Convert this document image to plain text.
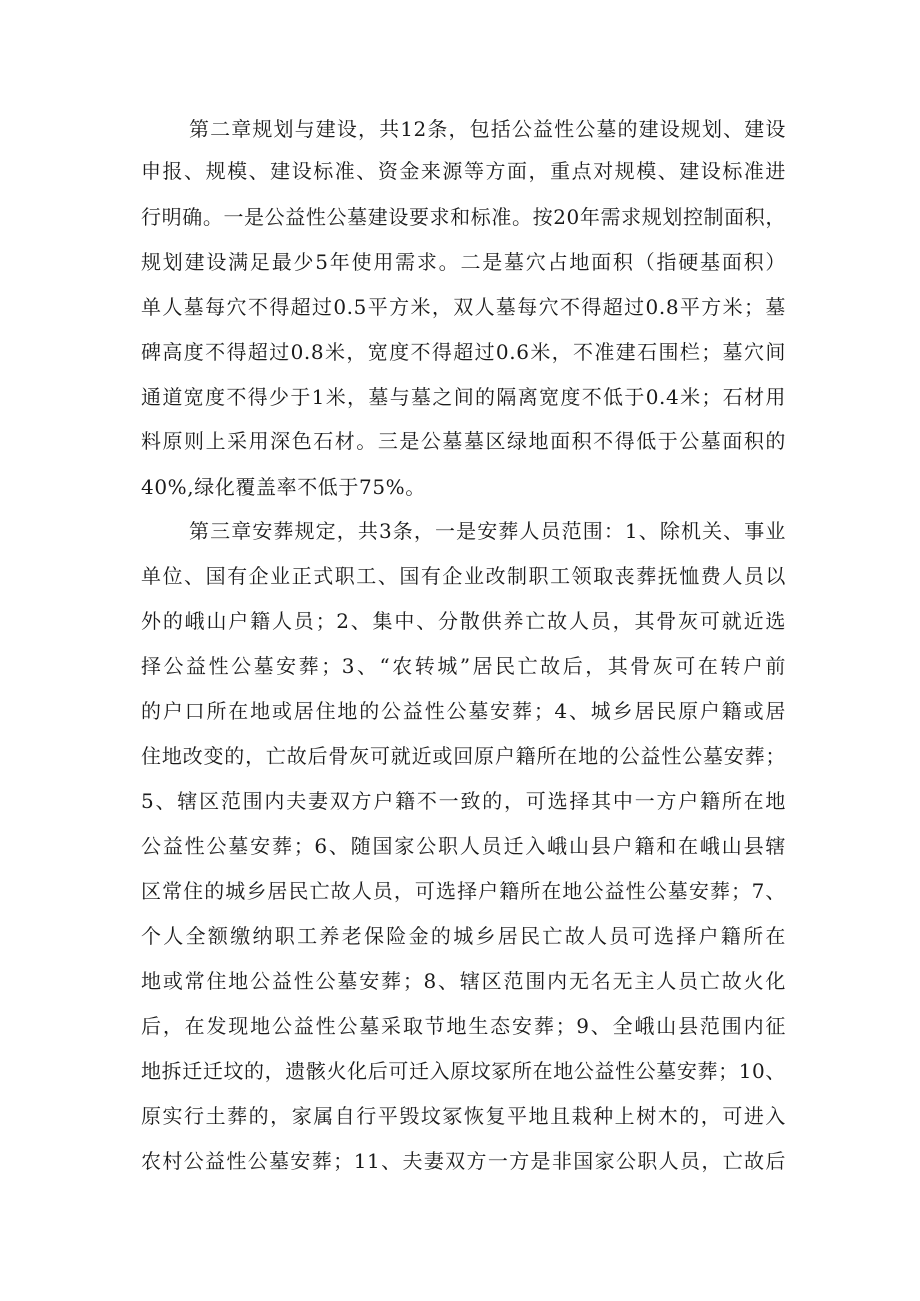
第二章规划与建设，共12条，包括公益性公墓的建设规划、建设
申报、规模、建设标准、资金来源等方面，重点对规模、建设标准进
行明确。一是公益性公墓建设要求和标准。按20年需求规划控制面积，
规划建设满足最少5年使用需求。二是墓穴占地面积（指硬基面积）
单人墓每穴不得超过0.5平方米，双人墓每穴不得超过0.8平方米；墓
碑高度不得超过0.8米，宽度不得超过0.6米，不准建石围栏；墓穴间
通道宽度不得少于1米，墓与墓之间的隔离宽度不低于0.4米；石材用
料原则上采用深色石材。三是公墓墓区绿地面积不得低于公墓面积的
40%,绿化覆盖率不低于75%。
第三章安葬规定，共3条，一是安葬人员范围：1、除机关、事业
单位、国有企业正式职工、国有企业改制职工领取丧葬抚恤费人员以
外的峨山户籍人员；2、集中、分散供养亡故人员，其骨灰可就近选
择公益性公墓安葬；3、“农转城”居民亡故后，其骨灰可在转户前
的户口所在地或居住地的公益性公墓安葬；4、城乡居民原户籍或居
住地改变的，亡故后骨灰可就近或回原户籍所在地的公益性公墓安葬；
5、辖区范围内夫妻双方户籍不一致的，可选择其中一方户籍所在地
公益性公墓安葬；6、随国家公职人员迁入峨山县户籍和在峨山县辖
区常住的城乡居民亡故人员，可选择户籍所在地公益性公墓安葬；7、
个人全额缴纳职工养老保险金的城乡居民亡故人员可选择户籍所在
地或常住地公益性公墓安葬；8、辖区范围内无名无主人员亡故火化
后，在发现地公益性公墓采取节地生态安葬；9、全峨山县范围内征
地拆迁迁坟的，遗骸火化后可迁入原坟冢所在地公益性公墓安葬；10、
原实行土葬的，家属自行平毁坟冢恢复平地且栽种上树木的，可进入
农村公益性公墓安葬；11、夫妻双方一方是非国家公职人员，亡故后
